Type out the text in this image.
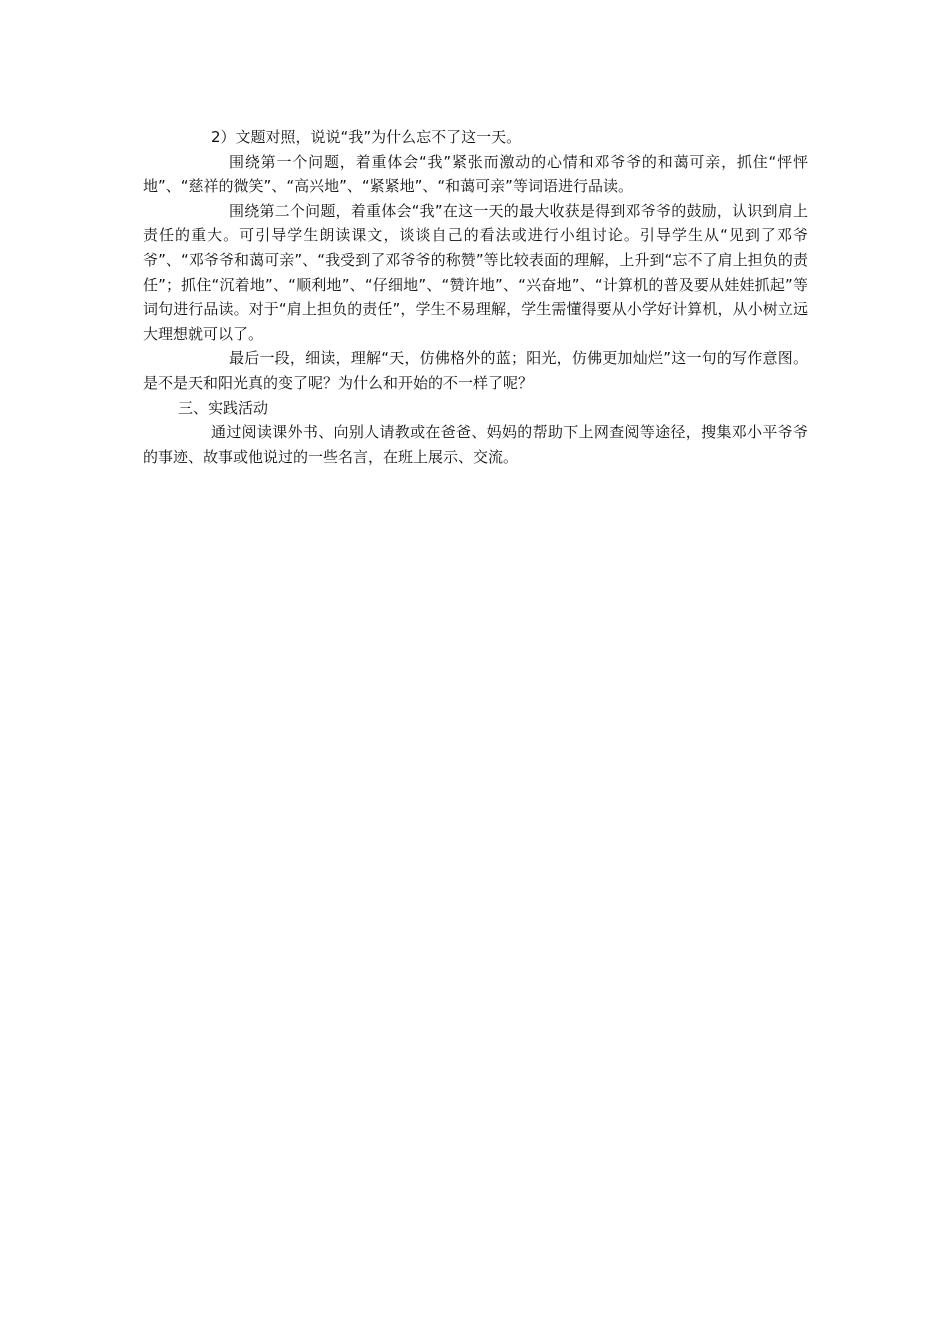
2）文题对照，说说“我”为什么忘不了这一天。

围绕第一个问题，着重体会“我”紧张而激动的心情和邓爷爷的和蔼可亲，抓住“怦怦地”、“慈祥的微笑”、“高兴地”、“紧紧地”、“和蔼可亲”等词语进行品读。

围绕第二个问题，着重体会“我”在这一天的最大收获是得到邓爷爷的鼓励，认识到肩上责任的重大。可引导学生朗读课文，谈谈自己的看法或进行小组讨论。引导学生从“见到了邓爷爷”、“邓爷爷和蔼可亲”、“我受到了邓爷爷的称赞”等比较表面的理解，上升到“忘不了肩上担负的责任”；抓住“沉着地”、“顺利地”、“仔细地”、“赞许地”、“兴奋地”、“计算机的普及要从娃娃抓起”等词句进行品读。对于“肩上担负的责任”，学生不易理解，学生需懂得要从小学好计算机，从小树立远大理想就可以了。

最后一段，细读，理解“天，仿佛格外的蓝；阳光，仿佛更加灿烂”这一句的写作意图。是不是天和阳光真的变了呢？为什么和开始的不一样了呢？

三、实践活动

通过阅读课外书、向别人请教或在爸爸、妈妈的帮助下上网查阅等途径，搜集邓小平爷爷的事迹、故事或他说过的一些名言，在班上展示、交流。
